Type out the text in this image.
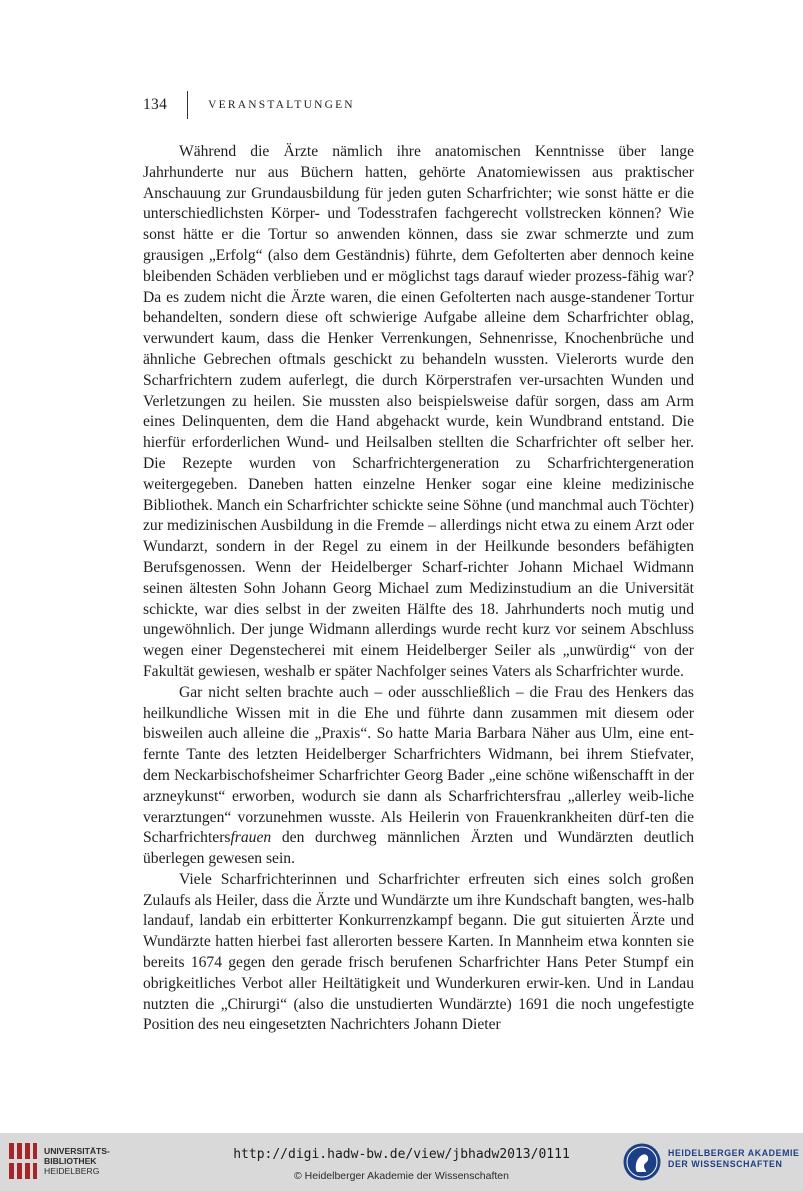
134	VERANSTALTUNGEN

Während die Ärzte nämlich ihre anatomischen Kenntnisse über lange Jahrhunderte nur aus Büchern hatten, gehörte Anatomiewissen aus praktischer Anschauung zur Grundausbildung für jeden guten Scharfrichter; wie sonst hätte er die unterschiedlichsten Körper- und Todesstrafen fachgerecht vollstrecken können? Wie sonst hätte er die Tortur so anwenden können, dass sie zwar schmerzte und zum grausigen „Erfolg“ (also dem Geständnis) führte, dem Gefolterten aber dennoch keine bleibenden Schäden verblieben und er möglichst tags darauf wieder prozess-fähig war? Da es zudem nicht die Ärzte waren, die einen Gefolterten nach ausge-standener Tortur behandelten, sondern diese oft schwierige Aufgabe alleine dem Scharfrichter oblag, verwundert kaum, dass die Henker Verrenkungen, Sehnenrisse, Knochenbrüche und ähnliche Gebrechen oftmals geschickt zu behandeln wussten. Vielerorts wurde den Scharfrichtern zudem auferlegt, die durch Körperstrafen ver-ursachten Wunden und Verletzungen zu heilen. Sie mussten also beispielsweise dafür sorgen, dass am Arm eines Delinquenten, dem die Hand abgehackt wurde, kein Wundbrand entstand. Die hierfür erforderlichen Wund- und Heilsalben stellten die Scharfrichter oft selber her. Die Rezepte wurden von Scharfrichtergeneration zu Scharfrichtergeneration weitergegeben. Daneben hatten einzelne Henker sogar eine kleine medizinische Bibliothek. Manch ein Scharfrichter schickte seine Söhne (und manchmal auch Töchter) zur medizinischen Ausbildung in die Fremde – allerdings nicht etwa zu einem Arzt oder Wundarzt, sondern in der Regel zu einem in der Heilkunde besonders befähigten Berufsgenossen. Wenn der Heidelberger Scharf-richter Johann Michael Widmann seinen ältesten Sohn Johann Georg Michael zum Medizinstudium an die Universität schickte, war dies selbst in der zweiten Hälfte des 18. Jahrhunderts noch mutig und ungewöhnlich. Der junge Widmann allerdings wurde recht kurz vor seinem Abschluss wegen einer Degenstecherei mit einem Heidelberger Seiler als „unwürdig“ von der Fakultät gewiesen, weshalb er später Nachfolger seines Vaters als Scharfrichter wurde.

Gar nicht selten brachte auch – oder ausschließlich – die Frau des Henkers das heilkundliche Wissen mit in die Ehe und führte dann zusammen mit diesem oder bisweilen auch alleine die „Praxis“. So hatte Maria Barbara Näher aus Ulm, eine ent-fernte Tante des letzten Heidelberger Scharfrichters Widmann, bei ihrem Stiefvater, dem Neckarbischofsheimer Scharfrichter Georg Bader „eine schöne wißenschafft in der arzneykunst“ erworben, wodurch sie dann als Scharfrichtersfrau „allerley weib-liche verarztungen“ vorzunehmen wusste. Als Heilerin von Frauenkrankheiten dürf-ten die Scharfrichtersfrauen den durchweg männlichen Ärzten und Wundärzten deutlich überlegen gewesen sein.

Viele Scharfrichterinnen und Scharfrichter erfreuten sich eines solch großen Zulaufs als Heiler, dass die Ärzte und Wundärzte um ihre Kundschaft bangten, wes-halb landauf, landab ein erbitterter Konkurrenzkampf begann. Die gut situierten Ärzte und Wundärzte hatten hierbei fast allerorten bessere Karten. In Mannheim etwa konnten sie bereits 1674 gegen den gerade frisch berufenen Scharfrichter Hans Peter Stumpf ein obrigkeitliches Verbot aller Heiltätigkeit und Wunderkuren erwir-ken. Und in Landau nutzten die „Chirurgi“ (also die unstudierten Wundärzte) 1691 die noch ungefestigte Position des neu eingesetzten Nachrichters Johann Dieter

UNIVERSITÄTS-
BIBLIOTHEK
HEIDELBERG
http://digi.hadw-bw.de/view/jbhadw2013/0111
© Heidelberger Akademie der Wissenschaften
HEIDELBERGER AKADEMIE
DER WISSENSCHAFTEN
